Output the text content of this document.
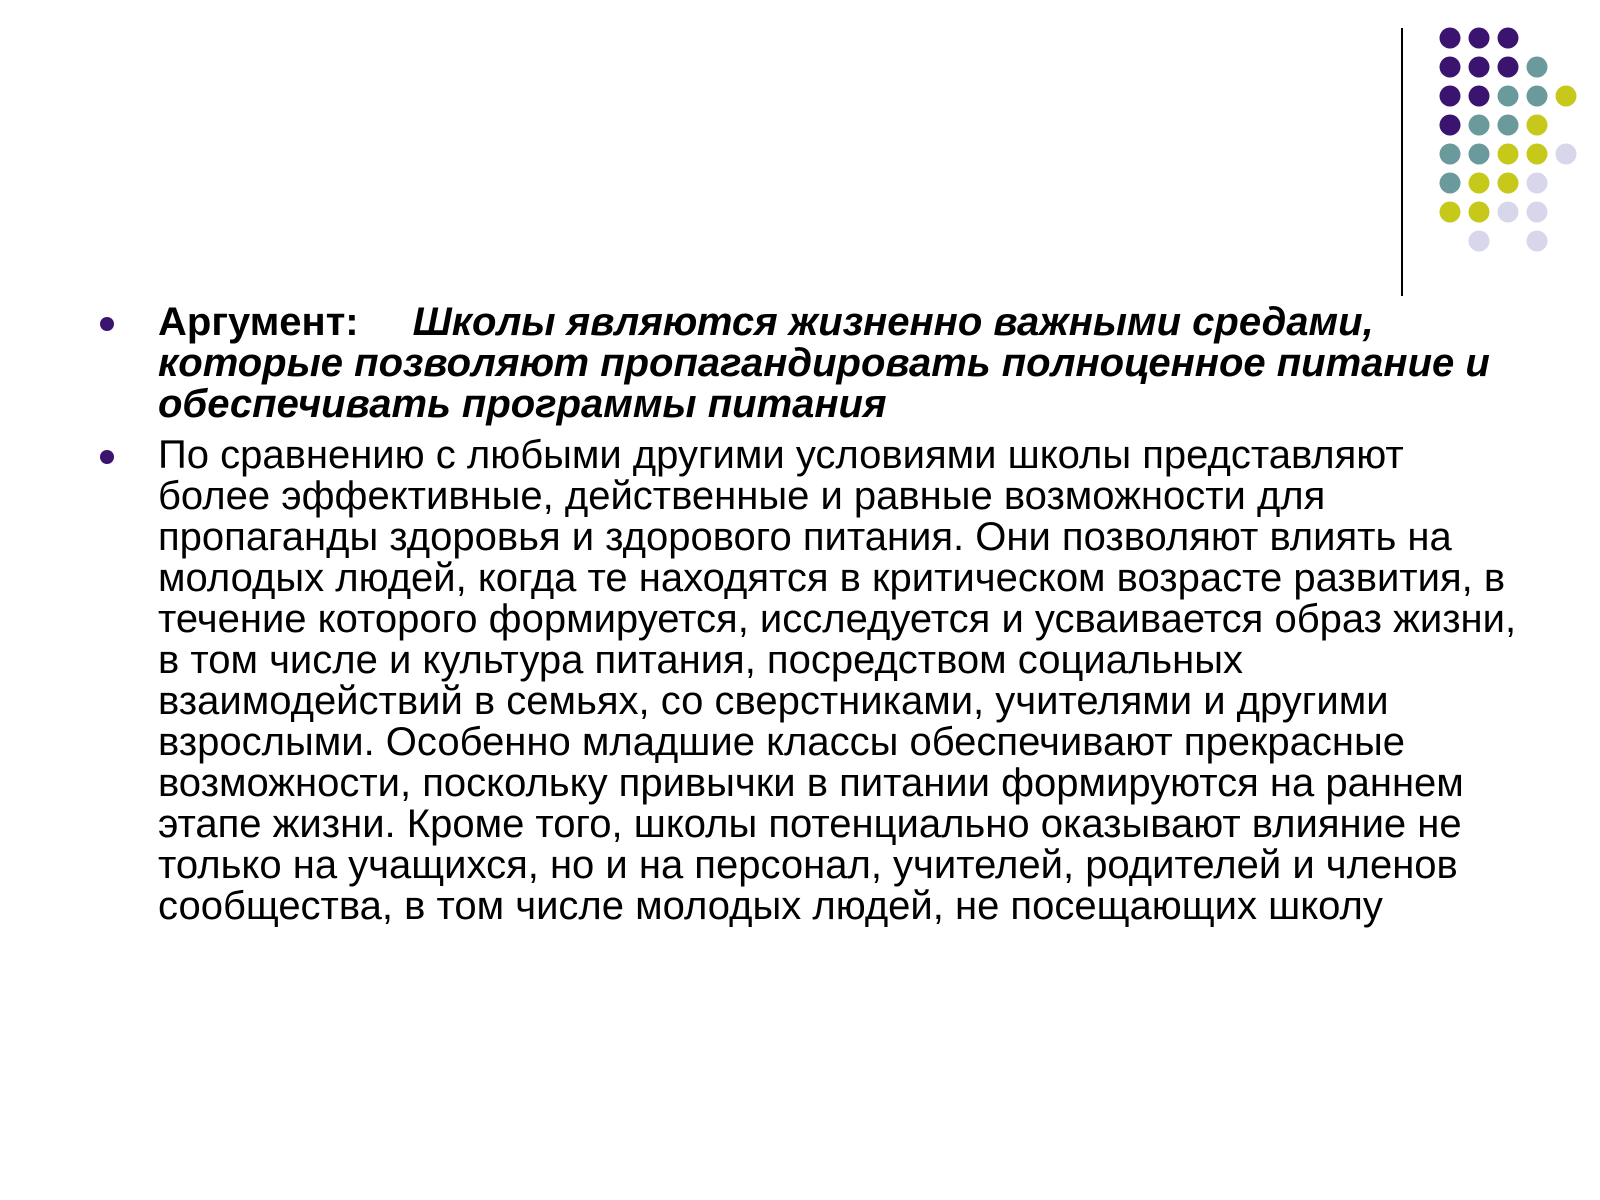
Аргумент: Школы являются жизненно важными средами, которые позволяют пропагандировать полноценное питание и обеспечивать программы питания
По сравнению с любыми другими условиями школы представляют более эффективные, действенные и равные возможности для пропаганды здоровья и здорового питания. Они позволяют влиять на молодых людей, когда те находятся в критическом возрасте развития, в течение которого формируется, исследуется и усваивается образ жизни, в том числе и культура питания, посредством социальных взаимодействий в семьях, со сверстниками, учителями и другими взрослыми. Особенно младшие классы обеспечивают прекрасные возможности, поскольку привычки в питании формируются на раннем этапе жизни. Кроме того, школы потенциально оказывают влияние не только на учащихся, но и на персонал, учителей, родителей и членов сообщества, в том числе молодых людей, не посещающих школу
